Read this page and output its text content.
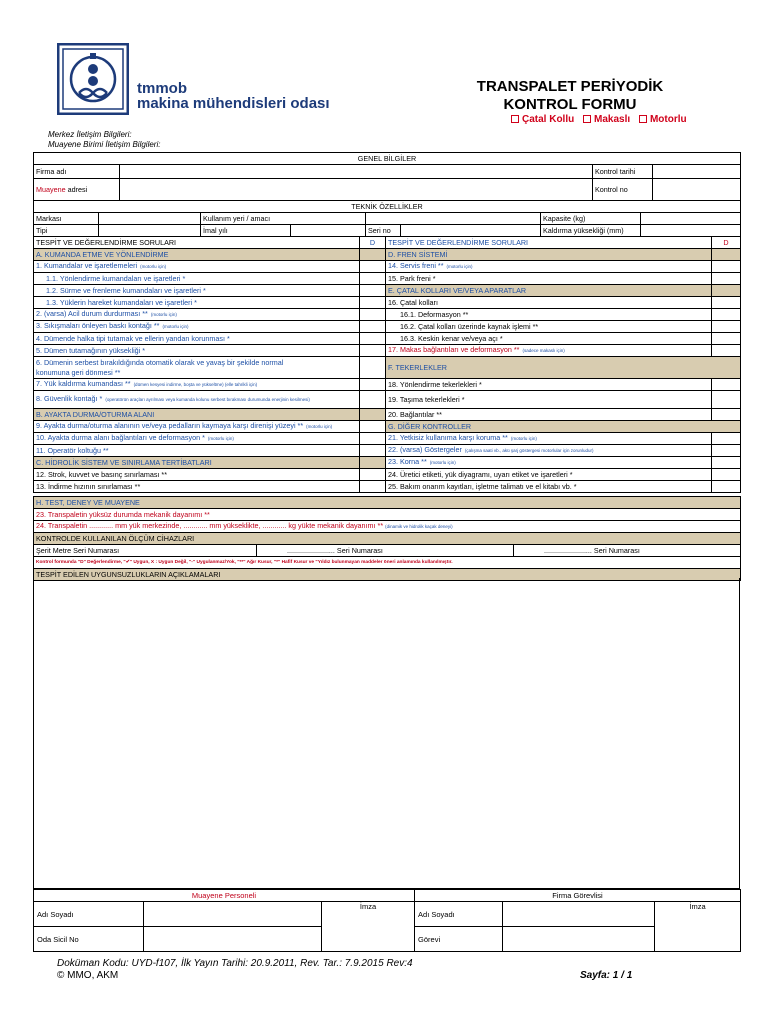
tmmob
makina mühendisleri odası
TRANSPALET PERİYODİK
KONTROL FORMU
Çatal Kollu Makaslı Motorlu
Merkez İletişim Bilgileri:
Muayene Birimi İletişim Bilgileri:
GENEL BİLGİLER			
Firma adı		Kontrol tarihi	
Muayene adresi		Kontrol no	
TEKNİK ÖZELLİKLER							
Markası		Kullanım yeri / amacı				Kapasite (kg)	
Tipi		İmal yılı		Seri no		Kaldırma yüksekliği (mm)	
TESPİT VE DEĞERLENDİRME SORULARI	D	TESPİT VE DEĞERLENDİRME SORULARI	D
A. KUMANDA ETME VE YÖNLENDİRME		D. FREN SİSTEMİ	
1. Kumandalar ve işaretlemeleri (motorlu için)		14. Servis freni ** (motorlu için)	
1.1. Yönlendirme kumandaları ve işaretleri *		15. Park freni *	
1.2. Sürme ve frenleme kumandaları ve işaretleri *		E. ÇATAL KOLLARI VE/VEYA APARATLAR	
1.3. Yüklerin hareket kumandaları ve işaretleri *		16. Çatal kolları	
2. (varsa) Acil durum durdurması ** (motorlu için)		16.1. Deformasyon **	
3. Sıkışmaları önleyen baskı kontağı ** (motorlu için)		16.2. Çatal kolları üzerinde kaynak işlemi **	
4. Dümende halka tipi tutamak ve ellerin yandan korunması *		16.3. Keskin kenar ve/veya açı *	
5. Dümen tutamağının yüksekliği *		17. Makas bağlantıları ve deformasyon ** (sadece makaslı için)	

6. Dümenin serbest bırakıldığında otomatik olarak ve yavaş bir şekilde normal
konumuna geri dönmesi **		F. TEKERLEKLER	
7. Yük kaldırma kumandası ** (dümen kesyesi indirme, boşta ve yükseltme) (elle tahrikli için)		18. Yönlendirme tekerlekleri *	
8. Güvenlik kontağı * (operatörün araçları ayrılması veya kumanda kolunu serbest bırakması durumunda enerjinin kesilmesi)		19. Taşıma tekerlekleri *	
B. AYAKTA DURMA/OTURMA ALANI		20. Bağlantılar **	
9. Ayakta durma/oturma alanının ve/veya pedalların kaymaya karşı direnişi yüzeyi ** (motorlu için)		G. DİĞER KONTROLLER	
10. Ayakta durma alanı bağlantıları ve deformasyon * (motorlu için)		21. Yetkisiz kullanıma karşı koruma ** (motorlu için)	
11. Operatör koltuğu **		22. (varsa) Göstergeler (çalışma saati vb., akü şarj göstergesi motorlular için zorunludur)	
C. HİDROLİK SİSTEM VE SINIRLAMA TERTİBATLARI		23. Korna ** (motorlu için)	
12. Strok, kuvvet ve basınç sınırlaması **		24. Üretici etiketi, yük diyagramı, uyarı etiket ve işaretleri *	
13. İndirme hızının sınırlaması **		25. Bakım onarım kayıtları, işletme talimatı ve el kitabı vb. *	
H. TEST, DENEY VE MUAYENE
23. Transpaletin yüksüz durumda mekanik dayanımı **
24. Transpaletin ............ mm yük merkezinde, ............ mm yükseklikte, ............ kg yükte mekanik dayanımı ** (dinamik ve hidrolik kaçak deneyi)
KONTROLDE KULLANILAN ÖLÇÜM CİHAZLARI
Şerit Metre Seri Numarası	........................ Seri Numarası	........................ Seri Numarası
Kontrol formunda "D" Değerlendirme, "✔" Uygun, X : Uygun Değil, "-" Uygulanmaz/Yok, "**" Ağır Kusur, "*" Hafif Kusur ve "Yıldız bulunmayan maddeler öneri anlamında kullanılmıştır.
TESPİT EDİLEN UYGUNSUZLUKLARIN AÇIKLAMALARI
Muayene Personeli			Firma Görevlisi		
Adı Soyadı		İmza	Adı Soyadı		İmza
Oda Sicil No			Görevi		
Doküman Kodu: UYD-f107, İlk Yayın Tarihi: 20.9.2011, Rev. Tar.: 7.9.2015 Rev:4
© MMO, AKM	Sayfa: 1 / 1
